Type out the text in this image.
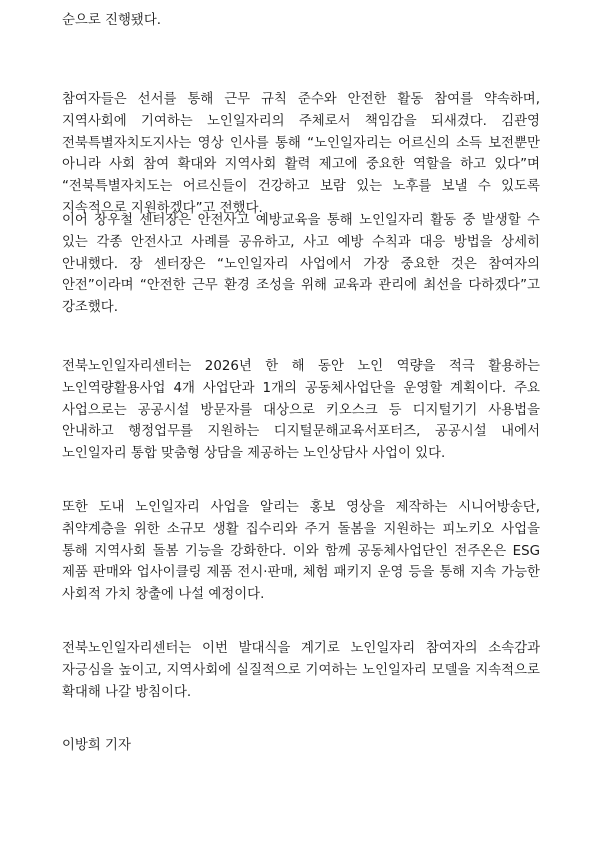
순으로 진행됐다.

참여자들은 선서를 통해 근무 규칙 준수와 안전한 활동 참여를 약속하며, 지역사회에 기여하는 노인일자리의 주체로서 책임감을 되새겼다. 김관영 전북특별자치도지사는 영상 인사를 통해 “노인일자리는 어르신의 소득 보전뿐만 아니라 사회 참여 확대와 지역사회 활력 제고에 중요한 역할을 하고 있다”며 “전북특별자치도는 어르신들이 건강하고 보람 있는 노후를 보낼 수 있도록 지속적으로 지원하겠다”고 전했다.

이어 장우철 센터장은 안전사고 예방교육을 통해 노인일자리 활동 중 발생할 수 있는 각종 안전사고 사례를 공유하고, 사고 예방 수칙과 대응 방법을 상세히 안내했다. 장 센터장은 “노인일자리 사업에서 가장 중요한 것은 참여자의 안전”이라며 “안전한 근무 환경 조성을 위해 교육과 관리에 최선을 다하겠다”고 강조했다.

전북노인일자리센터는 2026년 한 해 동안 노인 역량을 적극 활용하는 노인역량활용사업 4개 사업단과 1개의 공동체사업단을 운영할 계획이다. 주요 사업으로는 공공시설 방문자를 대상으로 키오스크 등 디지털기기 사용법을 안내하고 행정업무를 지원하는 디지털문해교육서포터즈, 공공시설 내에서 노인일자리 통합 맞춤형 상담을 제공하는 노인상담사 사업이 있다.

또한 도내 노인일자리 사업을 알리는 홍보 영상을 제작하는 시니어방송단, 취약계층을 위한 소규모 생활 집수리와 주거 돌봄을 지원하는 피노키오 사업을 통해 지역사회 돌봄 기능을 강화한다. 이와 함께 공동체사업단인 전주온은 ESG 제품 판매와 업사이클링 제품 전시·판매, 체험 패키지 운영 등을 통해 지속 가능한 사회적 가치 창출에 나설 예정이다.

전북노인일자리센터는 이번 발대식을 계기로 노인일자리 참여자의 소속감과 자긍심을 높이고, 지역사회에 실질적으로 기여하는 노인일자리 모델을 지속적으로 확대해 나갈 방침이다.

이방희 기자
